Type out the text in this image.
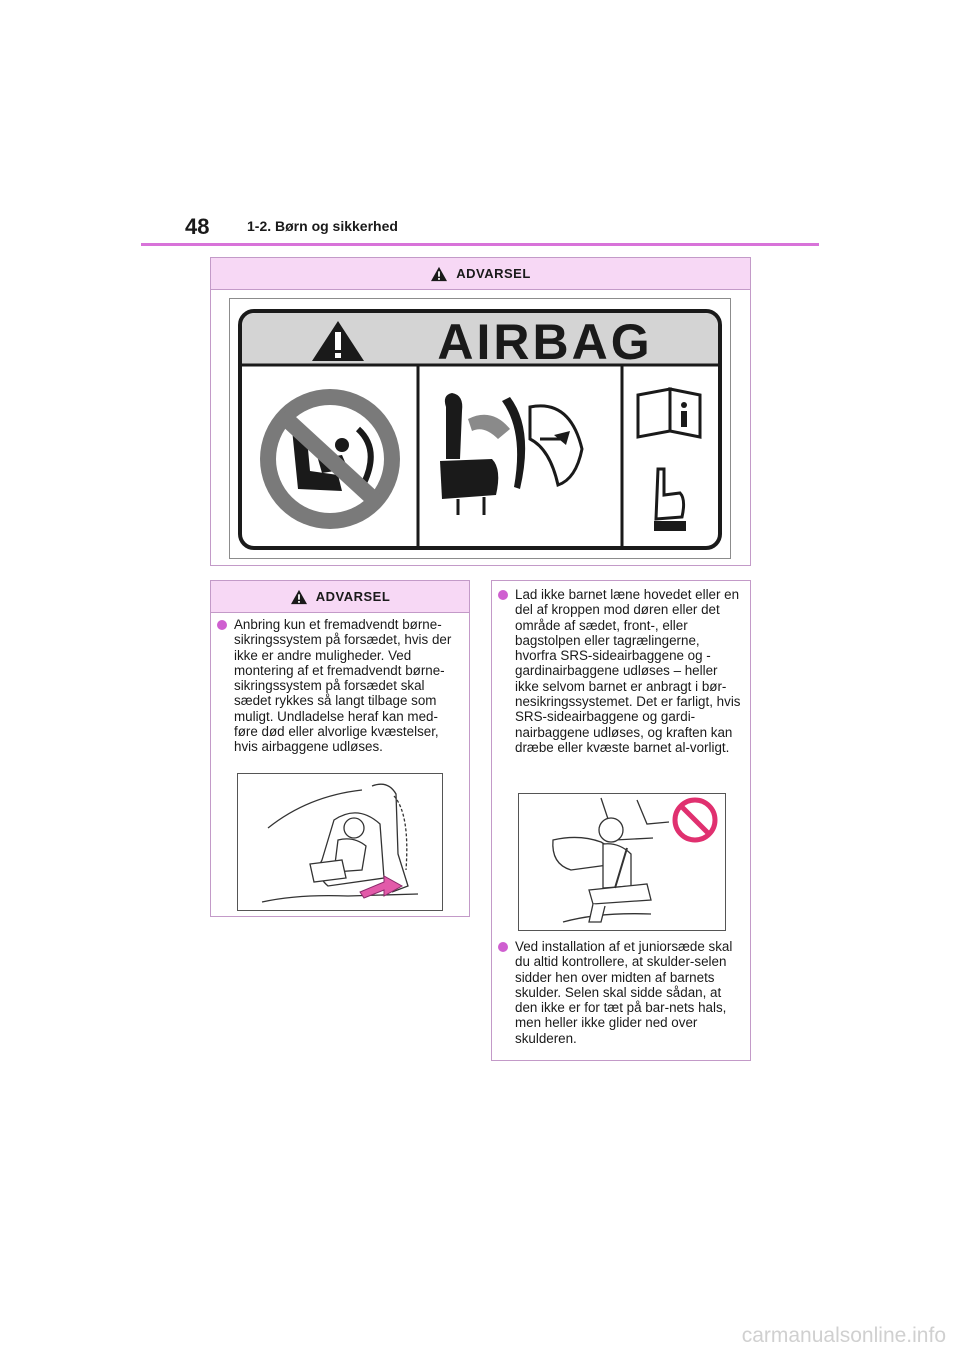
48	1-2. Børn og sikkerhed
ADVARSEL
AIRBAG
ADVARSEL
Anbring kun et fremadvendt børne-sikringssystem på forsædet, hvis der ikke er andre muligheder. Ved montering af et fremadvendt børne-sikringssystem på forsædet skal sædet rykkes så langt tilbage som muligt. Undladelse heraf kan med-føre død eller alvorlige kvæstelser, hvis airbaggene udløses.
Lad ikke barnet læne hovedet eller en del af kroppen mod døren eller det område af sædet, front-, eller bagstolpen eller tagrælingerne, hvorfra SRS-sideairbaggene og -gardinairbaggene udløses – heller ikke selvom barnet er anbragt i bør-nesikringssystemet. Det er farligt, hvis SRS-sideairbaggene og gardi-nairbaggene udløses, og kraften kan dræbe eller kvæste barnet al-vorligt.
Ved installation af et juniorsæde skal du altid kontrollere, at skulder-selen sidder hen over midten af barnets skulder. Selen skal sidde sådan, at den ikke er for tæt på bar-nets hals, men heller ikke glider ned over skulderen.
carmanualsonline.info
